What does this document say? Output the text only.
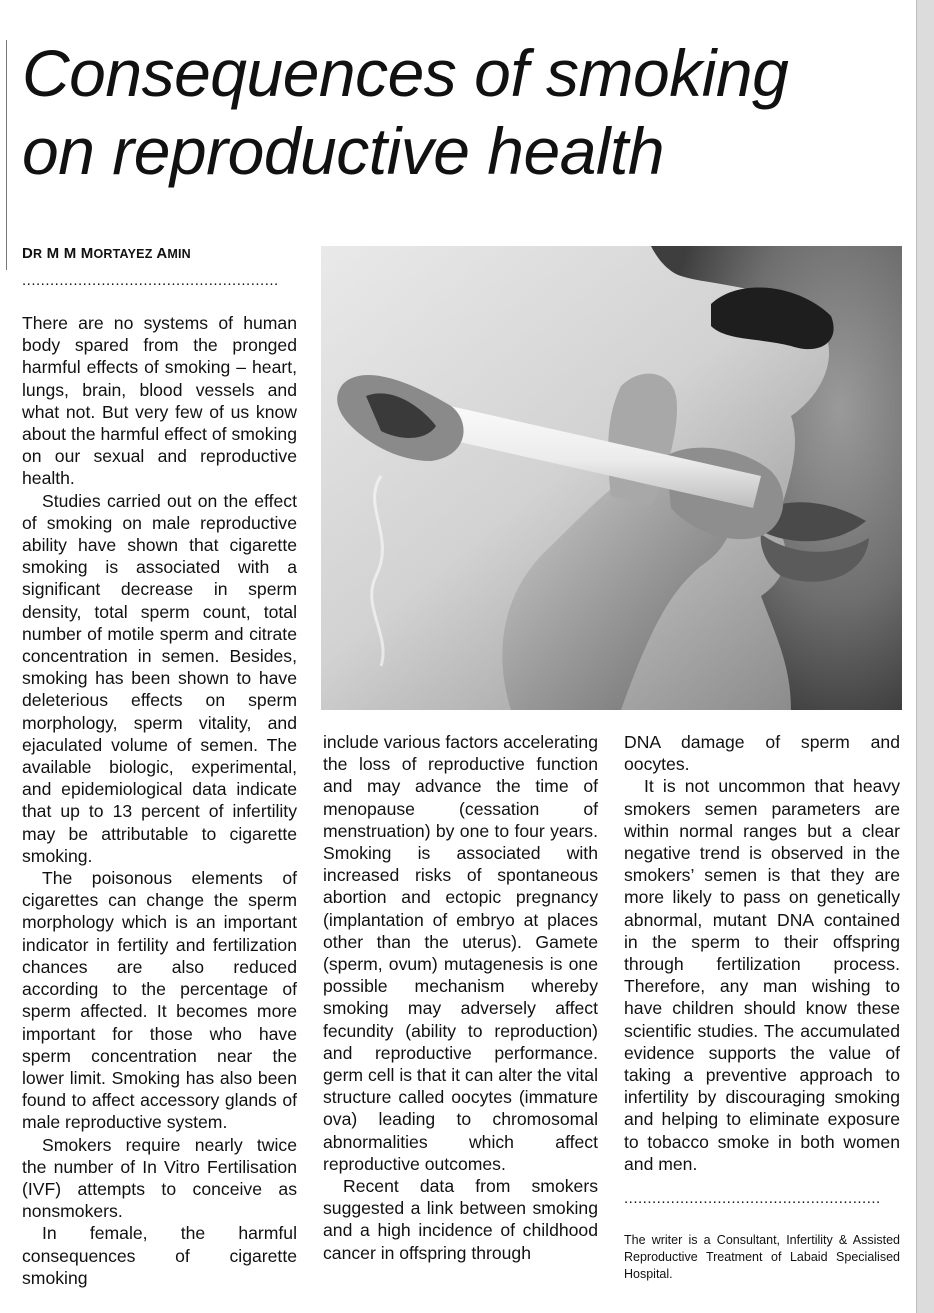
Consequences of smoking
on reproductive health
DR M M MORTAYEZ AMIN
.......................................................

There are no systems of human body spared from the pronged harmful effects of smoking – heart, lungs, brain, blood vessels and what not. But very few of us know about the harmful effect of smoking on our sexual and reproductive health.

Studies carried out on the effect of smoking on male reproductive ability have shown that cigarette smoking is associated with a significant decrease in sperm density, total sperm count, total number of motile sperm and citrate concentration in semen. Besides, smoking has been shown to have deleterious effects on sperm morphology, sperm vitality, and ejaculated volume of semen. The available biologic, experimental, and epidemiological data indicate that up to 13 percent of infertility may be attributable to cigarette smoking.

The poisonous elements of cigarettes can change the sperm morphology which is an important indicator in fertility and fertilization chances are also reduced according to the percentage of sperm affected. It becomes more important for those who have sperm concentration near the lower limit. Smoking has also been found to affect accessory glands of male reproductive system.

Smokers require nearly twice the number of In Vitro Fertilisation (IVF) attempts to conceive as nonsmokers.

In female, the harmful consequences of cigarette smoking

include various factors accelerating the loss of reproductive function and may advance the time of menopause (cessation of menstruation) by one to four years. Smoking is associated with increased risks of spontaneous abortion and ectopic pregnancy (implantation of embryo at places other than the uterus). Gamete (sperm, ovum) mutagenesis is one possible mechanism whereby smoking may adversely affect fecundity (ability to reproduction) and reproductive performance. germ cell is that it can alter the vital structure called oocytes (immature ova) leading to chromosomal abnormalities which affect reproductive outcomes.

Recent data from smokers suggested a link between smoking and a high incidence of childhood cancer in offspring through

DNA damage of sperm and oocytes.

It is not uncommon that heavy smokers semen parameters are within normal ranges but a clear negative trend is observed in the smokers’ semen is that they are more likely to pass on genetically abnormal, mutant DNA contained in the sperm to their offspring through fertilization process. Therefore, any man wishing to have children should know these scientific studies. The accumulated evidence supports the value of taking a preventive approach to infertility by discouraging smoking and helping to eliminate exposure to tobacco smoke in both women and men.

.......................................................
The writer is a Consultant, Infertility & Assisted Reproductive Treatment of Labaid Specialised Hospital.
